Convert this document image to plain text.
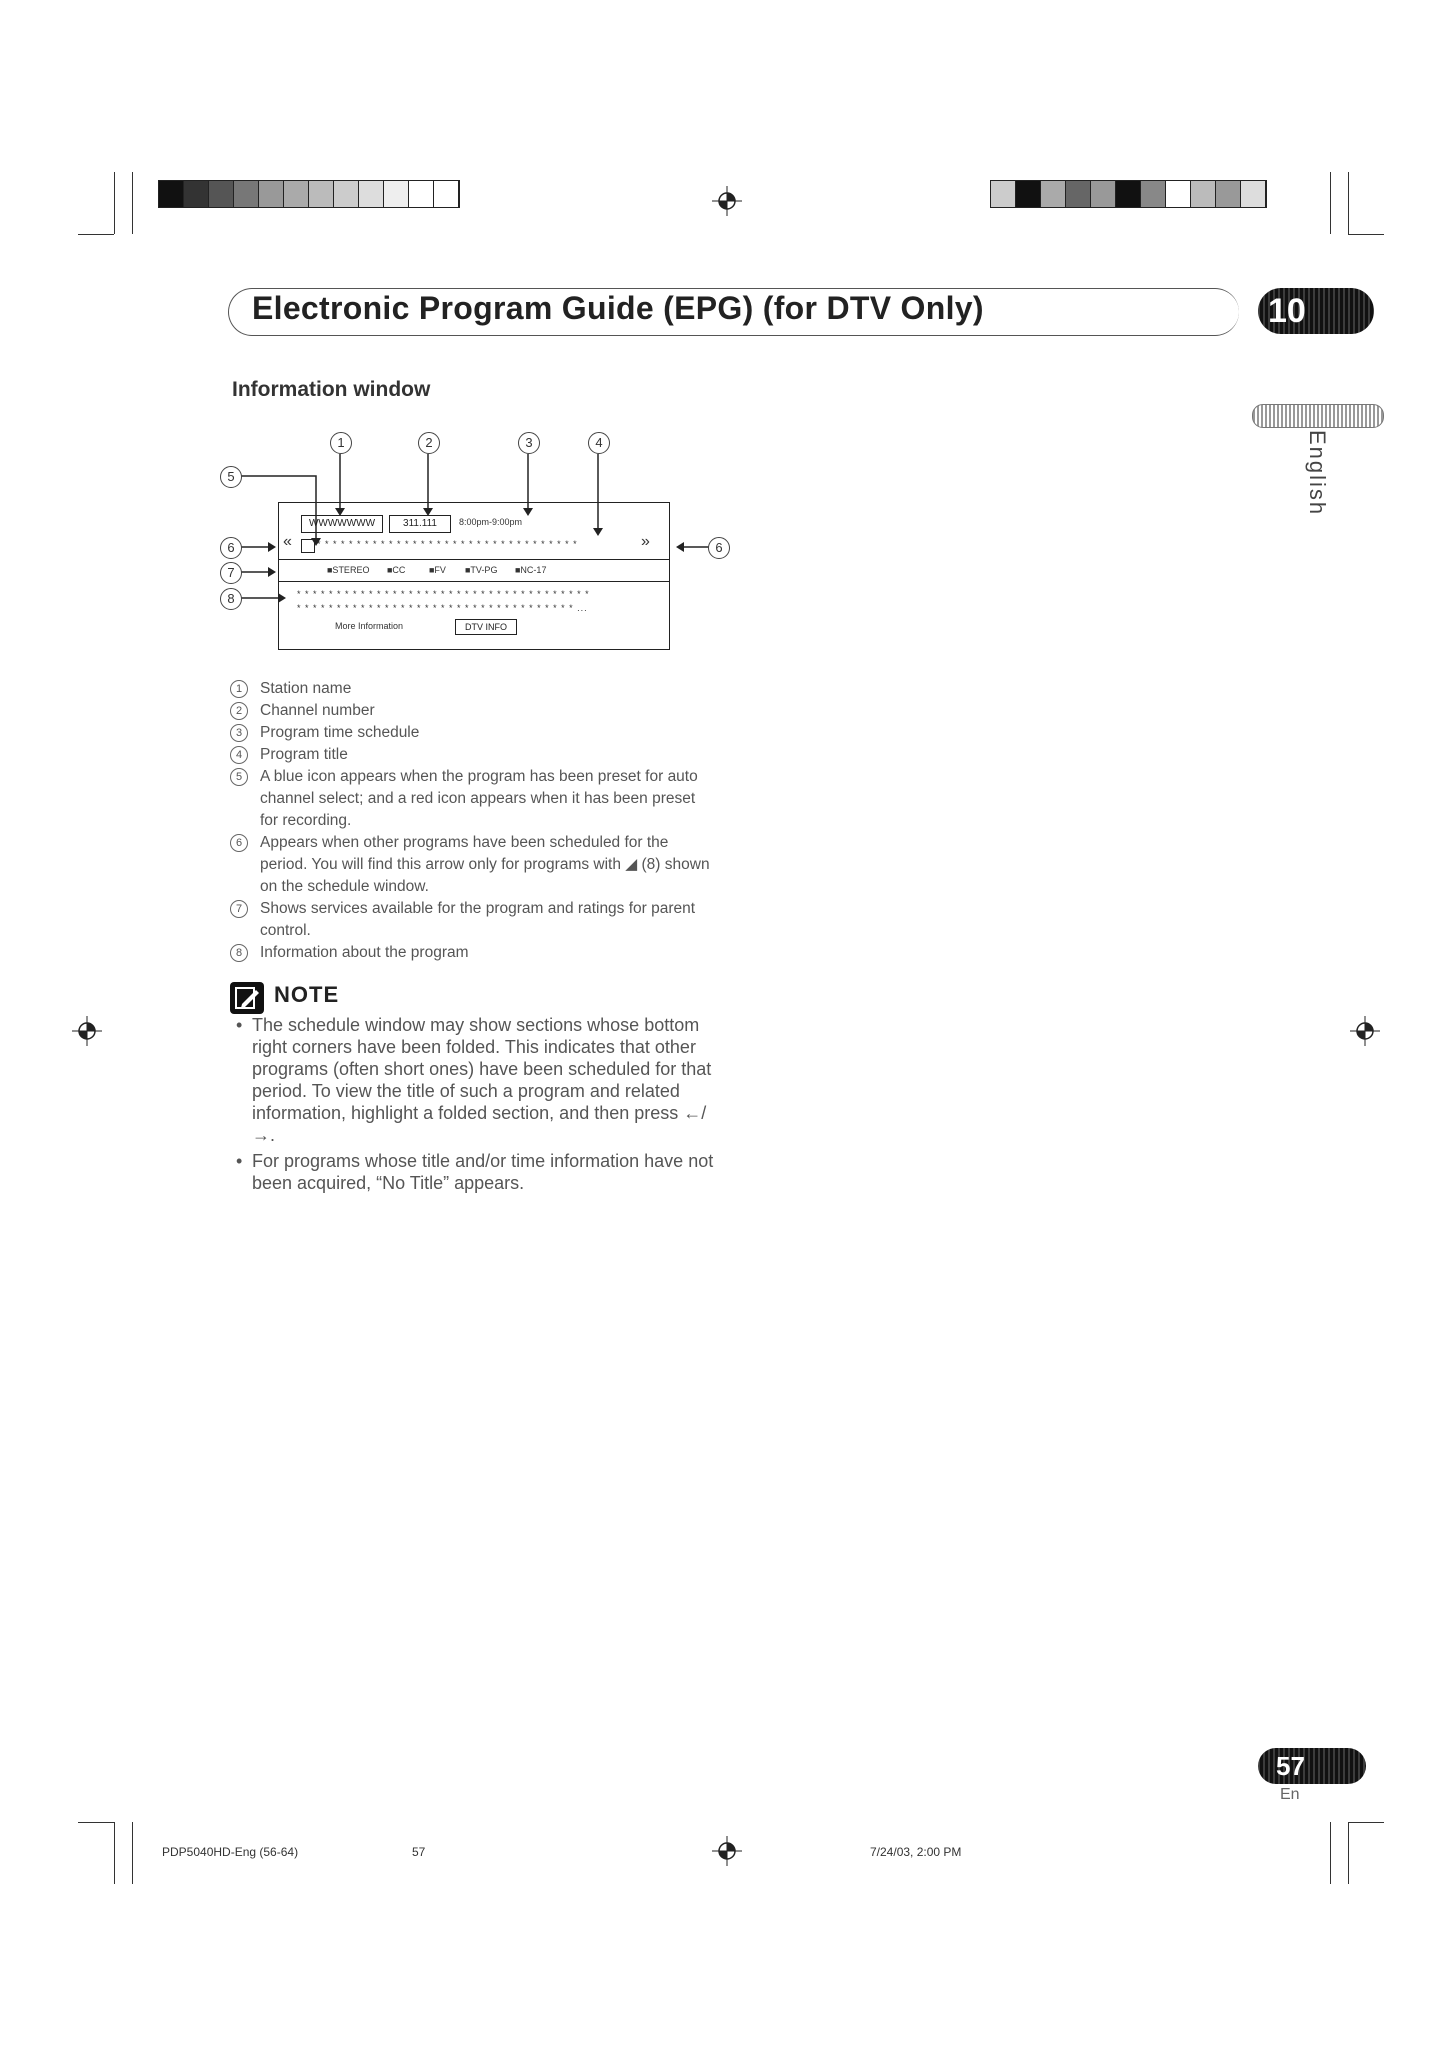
Electronic Program Guide (EPG) (for DTV Only)	10
English
Information window
1	2	3	4
5
6	6
7
8
WWWWWWW	311.111	8:00pm-9:00pm
«	* * * * * * * * * * * * * * * * * * * * * * * * * * * * * * * * *	»
■STEREO ■CC	■FV ■TV-PG ■NC-17
* * * * * * * * * * * * * * * * * * * * * * * * * * * * * * * * * * * * *
* * * * * * * * * * * * * * * * * * * * * * * * * * * * * * * * * * * ...
More Information	DTV INFO
1	Station name
2	Channel number
3	Program time schedule
4	Program title
5	A blue icon appears when the program has been preset for auto channel select; and a red icon appears when it has been preset for recording.
6	Appears when other programs have been scheduled for the period. You will find this arrow only for programs with ◢ (8) shown on the schedule window.
7	Shows services available for the program and ratings for parent control.
8	Information about the program
NOTE
• The schedule window may show sections whose bottom right corners have been folded. This indicates that other programs (often short ones) have been scheduled for that period. To view the title of such a program and related information, highlight a folded section, and then press ←/→.
• For programs whose title and/or time information have not been acquired, “No Title” appears.
57
En
PDP5040HD-Eng (56-64)	57	7/24/03, 2:00 PM
